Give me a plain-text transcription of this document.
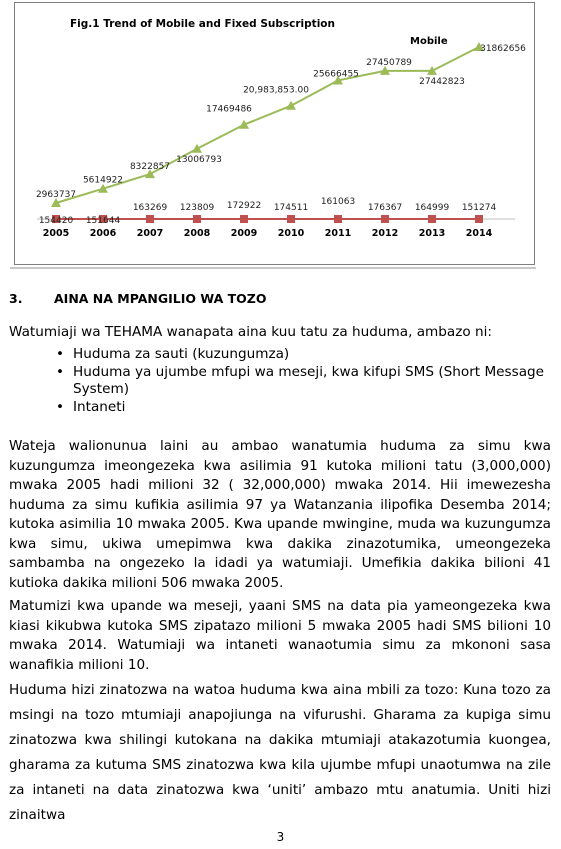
Fig.1 Trend of Mobile and Fixed Subscription
Mobile
2005 2006 2007 2008 2009 2010 2011 2012 2013 2014
154420 151644
163269 123809 172922 174511
161063
176367 164999 151274
2963737
5614922
8322857
13006793
17469486
20,983,853.00
25666455
27450789
27442823
31862656
3.	AINA NA MPANGILIO WA TOZO

Watumiaji wa TEHAMA wanapata aina kuu tatu za huduma, ambazo ni:

• Huduma za sauti (kuzungumza)
• Huduma ya ujumbe mfupi wa meseji, kwa kifupi SMS (Short Message System)
• Intaneti

Wateja walionunua laini au ambao wanatumia huduma za simu kwa kuzungumza imeongezeka kwa asilimia 91 kutoka milioni tatu (3,000,000) mwaka 2005 hadi milioni 32 ( 32,000,000) mwaka 2014. Hii imewezesha huduma za simu kufikia asilimia 97 ya Watanzania ilipofika Desemba 2014; kutoka asimilia 10 mwaka 2005. Kwa upande mwingine, muda wa kuzungumza kwa simu, ukiwa umepimwa kwa dakika zinazotumika, umeongezeka sambamba na ongezeko la idadi ya watumiaji. Umefikia dakika bilioni 41 kutioka dakika milioni 506 mwaka 2005.

Matumizi kwa upande wa meseji, yaani SMS na data pia yameongezeka kwa kiasi kikubwa kutoka SMS zipatazo milioni 5 mwaka 2005 hadi SMS bilioni 10 mwaka 2014. Watumiaji wa intaneti wanaotumia simu za mkononi sasa wanafikia milioni 10.

Huduma hizi zinatozwa na watoa huduma kwa aina mbili za tozo: Kuna tozo za msingi na tozo mtumiaji anapojiunga na vifurushi. Gharama za kupiga simu zinatozwa kwa shilingi kutokana na dakika mtumiaji atakazotumia kuongea, gharama za kutuma SMS zinatozwa kwa kila ujumbe mfupi unaotumwa na zile za intaneti na data zinatozwa kwa ‘uniti’ ambazo mtu anatumia. Uniti hizi zinaitwa

3
